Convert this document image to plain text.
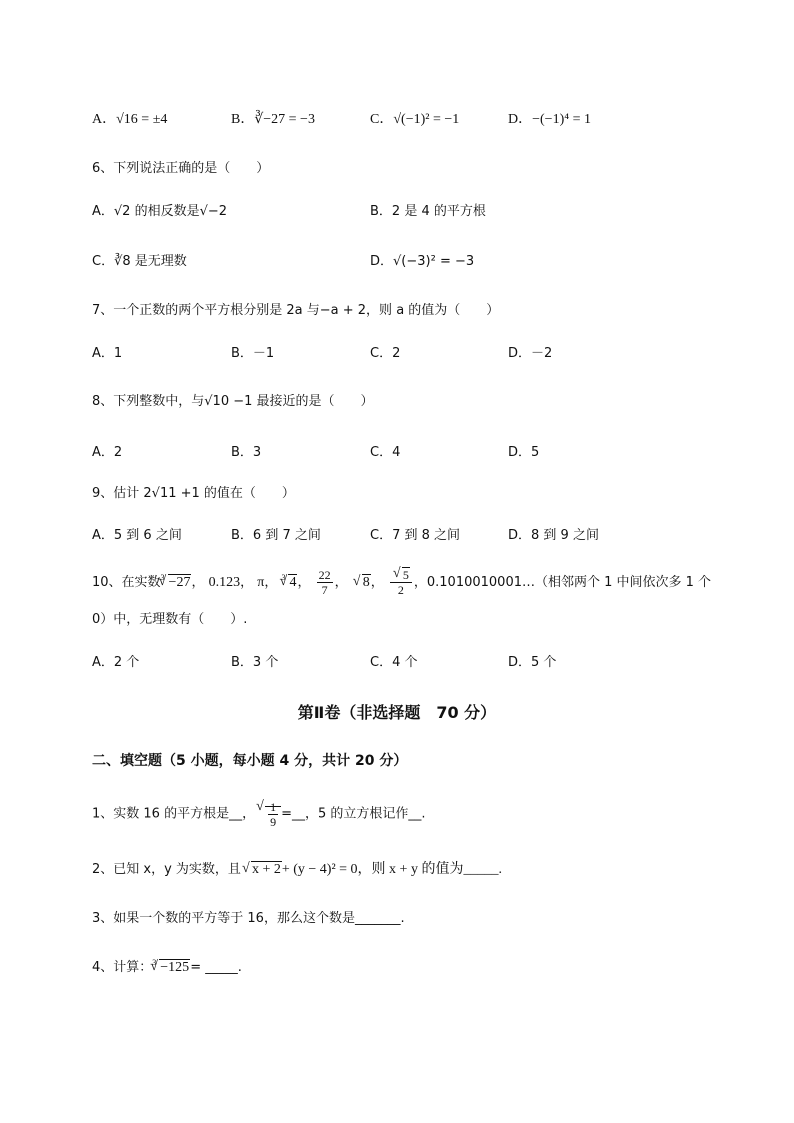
A．√16 = ±4	B．∛−27 = −3	C．√(−1)² = −1	D．−(−1)⁴ = 1
6、下列说法正确的是（　　）
A．√2 的相反数是√−2	B．2 是 4 的平方根
C．∛8 是无理数	D．√(−3)² = −3
7、一个正数的两个平方根分别是 2a 与−a + 2，则 a 的值为（　　）
A．1	B．－1	C．2	D．－2
8、下列整数中，与√10 −1 最接近的是（　　）
A．2	B．3	C．4	D．5
9、估计 2√11 +1 的值在（　　）
A．5 到 6 之间	B．6 到 7 之间	C．7 到 8 之间	D．8 到 9 之间
10、在实数$^3$ √ −27， 0.123， π， $^3$ √ 4， $\frac{22}{7}$ ， √ 8， √ $\frac{5}{2}$ ，0.1010010001…（相邻两个 1 中间依次多 1 个
0）中，无理数有（　　）.
A．2 个	B．3 个	C．4 个	D．5 个
第Ⅱ卷（非选择题　70 分）
二、填空题（5 小题，每小题 4 分，共计 20 分）
1、实数 16 的平方根是__， √ $\frac{1}{9}$ =__，5 的立方根记作__.
2、已知 x，y 为实数，且 √ x + 2+ (y − 4)² = 0，则 x + y 的值为_____.
3、如果一个数的平方等于 16，那么这个数是_______.
4、计算：$^3$ √ −125= _____.
